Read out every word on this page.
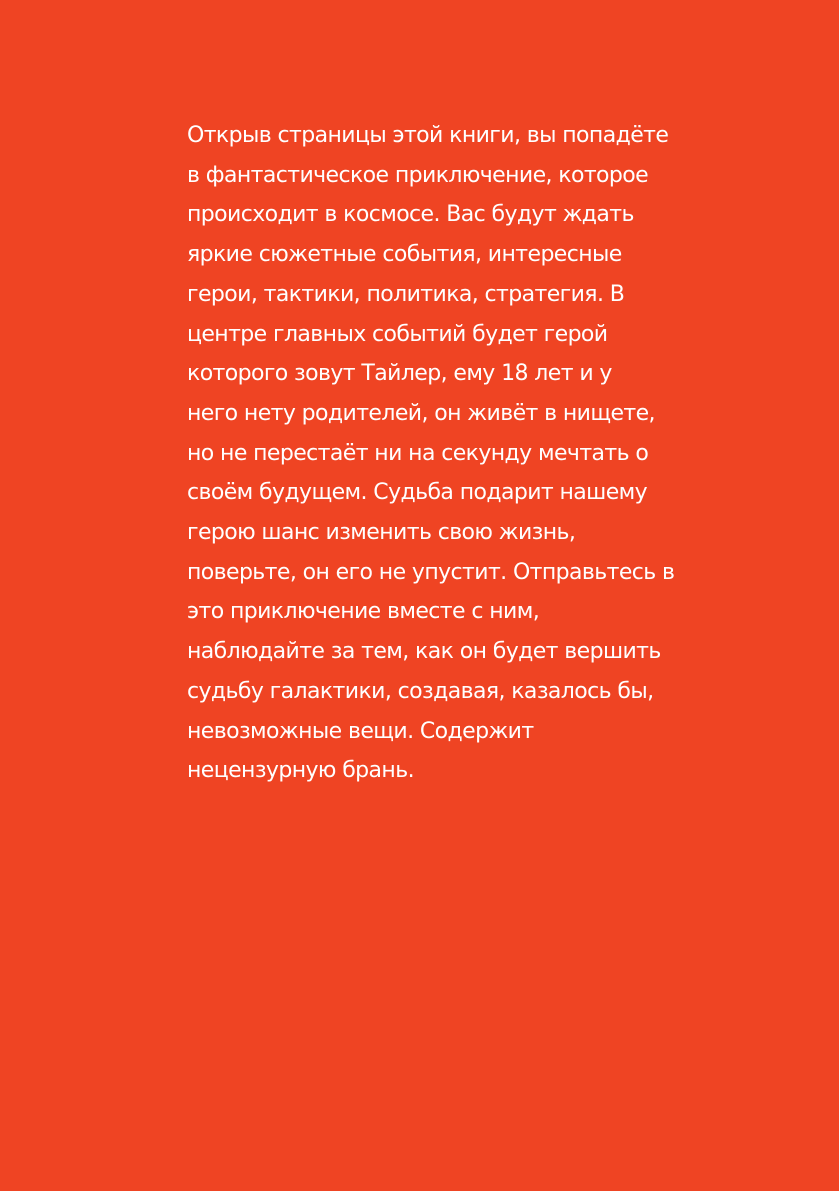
Открыв страницы этой книги, вы попадёте
в фантастическое приключение, которое
происходит в космосе. Вас будут ждать
яркие сюжетные события, интересные
герои, тактики, политика, стратегия. В
центре главных событий будет герой
которого зовут Тайлер, ему 18 лет и у
него нету родителей, он живёт в нищете,
но не перестаёт ни на секунду мечтать о
своём будущем. Судьба подарит нашему
герою шанс изменить свою жизнь,
поверьте, он его не упустит. Отправьтесь в
это приключение вместе с ним,
наблюдайте за тем, как он будет вершить
судьбу галактики, создавая, казалось бы,
невозможные вещи. Содержит
нецензурную брань.
